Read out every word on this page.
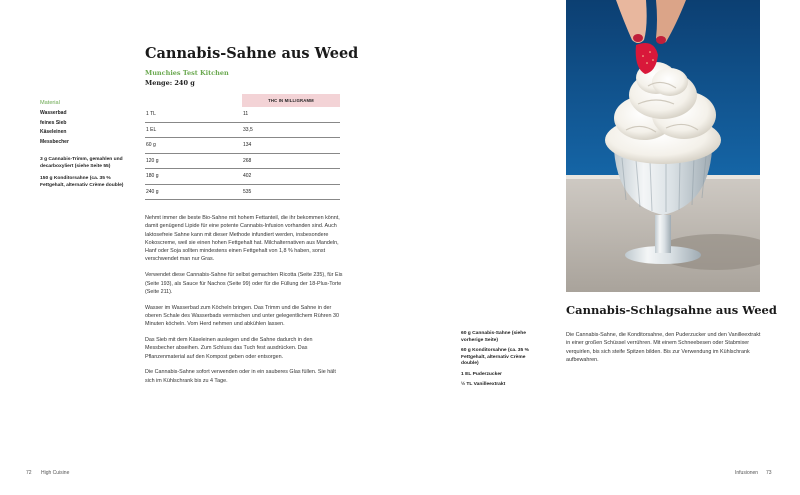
Cannabis-Sahne aus Weed
Munchies Test Kitchen
Menge: 240 g
Material
Wasserbad
feines Sieb
Käseleinen
Messbecher
3 g Cannabis-Trimm, gemahlen und decarboxyliert (siehe Seite 55)
150 g Konditorsahne (ca. 35 % Fettgehalt, alternativ Crème double)
	THC IN MILLIGRAMM
1 TL	11
1 EL	33,5
60 g	134
120 g	268
180 g	402
240 g	535

Nehmt immer die beste Bio-Sahne mit hohem Fettanteil, die ihr bekommen könnt, damit genügend Lipide für eine potente Cannabis-Infusion vorhanden sind. Auch laktosefreie Sahne kann mit dieser Methode infundiert werden, insbesondere Kokoscreme, weil sie einen hohen Fettgehalt hat. Milchalternativen aus Mandeln, Hanf oder Soja sollten mindestens einen Fettgehalt von 1,8 % haben, sonst verschwendet man nur Gras.

Verwendet diese Cannabis-Sahne für selbst gemachten Ricotta (Seite 235), für Eis (Seite 193), als Sauce für Nachos (Seite 99) oder für die Füllung der 18-Plus-Torte (Seite 211).

Wasser im Wasserbad zum Köcheln bringen. Das Trimm und die Sahne in der oberen Schale des Wasserbads vermischen und unter gelegentlichem Rühren 30 Minuten köcheln. Vom Herd nehmen und abkühlen lassen.

Das Sieb mit dem Käseleinen auslegen und die Sahne dadurch in den Messbecher abseihen. Zum Schluss das Tuch fest ausdrücken. Das Pflanzenmaterial auf den Kompost geben oder entsorgen.

Die Cannabis-Sahne sofort verwenden oder in ein sauberes Glas füllen. Sie hält sich im Kühlschrank bis zu 4 Tage.

72 High Cuisine
Cannabis-Schlagsahne aus Weed
60 g Cannabis-Sahne (siehe vorherige Seite)
60 g Konditorsahne (ca. 35 % Fettgehalt, alternativ Crème double)
1 EL Puderzucker
½ TL Vanilleextrakt
Die Cannabis-Sahne, die Konditorsahne, den Puderzucker und den Vanilleextrakt in einer großen Schüssel verrühren. Mit einem Schneebesen oder Stabmixer verquirlen, bis sich steife Spitzen bilden. Bis zur Verwendung im Kühlschrank aufbewahren.
Infusionen 73
